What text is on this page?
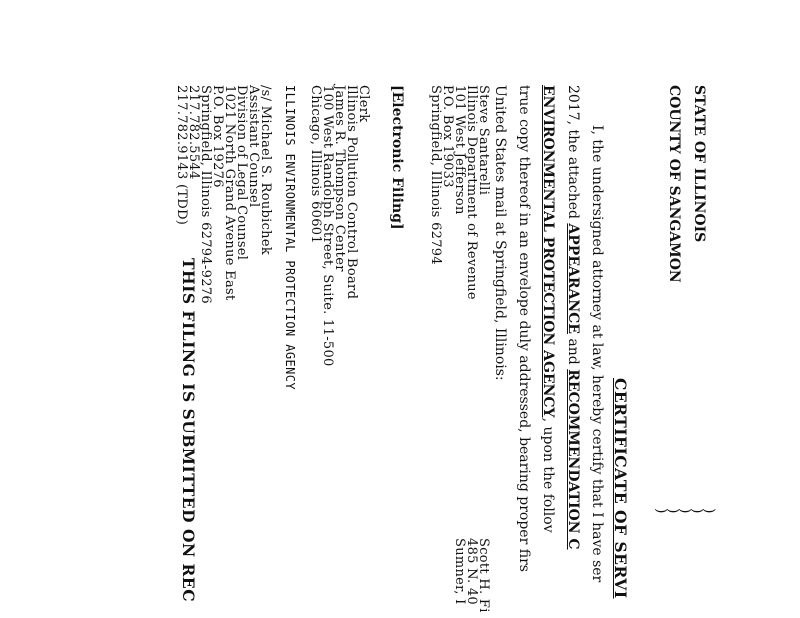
STATE OF ILLINOIS
COUNTY OF SANGAMON
)
)
)
)
)
CERTIFICATE OF SERVI
I, the undersigned attorney at law, hereby certify that I have ser
2017, the attached APPEARANCE and RECOMMENDATION C
ENVIRONMENTAL PROTECTION AGENCY, upon the follov
true copy thereof in an envelope duly addressed, bearing proper firs
United States mail at Springfield, Illinois:
Steve Santarelli
Illinois Department of Revenue
101 West Jefferson
P.O. Box 19033
Springfield, Illinois 62794
Scott H. Fi
485 N. 40
Sumner, I
[Electronic Filing]
Clerk
Illinois Pollution Control Board
James R. Thompson Center
100 West Randolph Street, Suite. 11-500
Chicago, Illinois 60601
ILLINOIS ENVIRONMENTAL PROTECTION AGENCY
/s/ Michael S. Roubichek
Assistant Counsel
Division of Legal Counsel
1021 North Grand Avenue East
P.O. Box 19276
Springfield, Illinois 62794-9276
217.782.5544
217.782.9143 (TDD)
THIS FILING IS SUBMITTED ON REC
